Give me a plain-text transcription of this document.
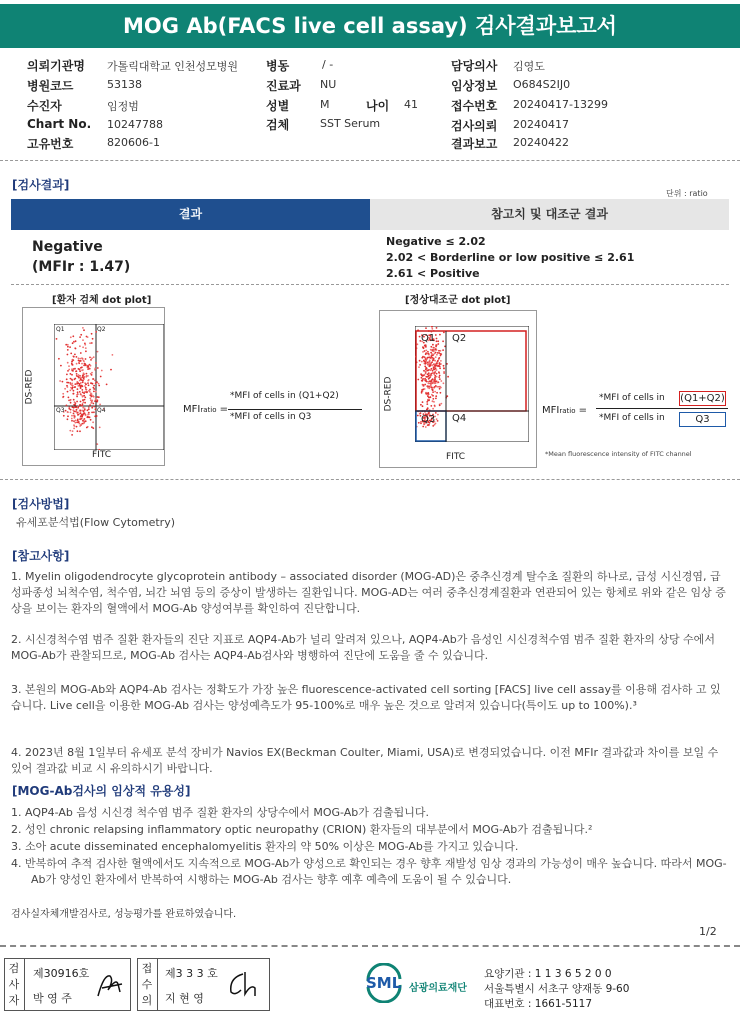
MOG Ab(FACS live cell assay) 검사결과보고서
의뢰기관명 가톨릭대학교 인천성모병원
병원코드	53138
수진자	임정범
Chart No. 10247788
고유번호	820606-1
병동	/ -
진료과 NU
성별	M	나이 41
검체	SST Serum
담당의사 김영도
임상정보 O684S2IJ0
접수번호 20240417-13299
검사의뢰 20240417
결과보고 20240422
[검사결과]
단위 : ratio
결과	참고치 및 대조군 결과
Negative
(MFIr : 1.47)
Negative ≤ 2.02
2.02 < Borderline or low positive ≤ 2.61
2.61 < Positive
[환자 검체 dot plot]
Q1	Q2
Q3	Q4
DS-RED
FITC
MFIratio =
*MFI of cells in (Q1+Q2)
*MFI of cells in Q3
[정상대조군 dot plot]
Q1 Q2
Q3 Q4
DS-RED
FITC
MFIratio =
*MFI of cells in (Q1+Q2)
*MFI of cells in	Q3
*Mean fluorescence intensity of FITC channel
[검사방법]
유세포분석법(Flow Cytometry)
[참고사항]
1. Myelin oligodendrocyte glycoprotein antibody – associated disorder (MOG-AD)은 중추신경계 탈수초 질환의 하나로, 급성 시신경염, 급성파종성 뇌척수염, 척수염, 뇌간 뇌염 등의 증상이 발생하는 질환입니다. MOG-AD는 여러 중추신경계질환과 연관되어 있는 항체로 위와 같은 임상 증상을 보이는 환자의 혈액에서 MOG-Ab 양성여부를 확인하여 진단합니다.
2. 시신경척수염 범주 질환 환자들의 진단 지표로 AQP4-Ab가 널리 알려져 있으나, AQP4-Ab가 음성인 시신경척수염 범주 질환 환자의 상당 수에서 MOG-Ab가 관찰되므로, MOG-Ab 검사는 AQP4-Ab검사와 병행하여 진단에 도움을 줄 수 있습니다.
3. 본원의 MOG-Ab와 AQP4-Ab 검사는 정확도가 가장 높은 fluorescence-activated cell sorting [FACS] live cell assay를 이용해 검사하 고 있습니다. Live cell을 이용한 MOG-Ab 검사는 양성예측도가 95-100%로 매우 높은 것으로 알려져 있습니다(특이도 up to 100%).³
4. 2023년 8월 1일부터 유세포 분석 장비가 Navios EX(Beckman Coulter, Miami, USA)로 변경되었습니다. 이전 MFIr 결과값과 차이를 보일 수 있어 결과값 비교 시 유의하시기 바랍니다.
[MOG-Ab검사의 임상적 유용성]
1. AQP4-Ab 음성 시신경 척수염 범주 질환 환자의 상당수에서 MOG-Ab가 검출됩니다.
2. 성인 chronic relapsing inflammatory optic neuropathy (CRION) 환자들의 대부분에서 MOG-Ab가 검출됩니다.²
3. 소아 acute disseminated encephalomyelitis 환자의 약 50% 이상은 MOG-Ab를 가지고 있습니다.
4. 반복하여 추적 검사한 혈액에서도 지속적으로 MOG-Ab가 양성으로 확인되는 경우 향후 재발성 임상 경과의 가능성이 매우 높습니다. 따라서 MOG-Ab가 양성인 환자에서 반복하여 시행하는 MOG-Ab 검사는 향후 예후 예측에 도움이 될 수 있습니다.
검사실자체개발검사로, 성능평가를 완료하였습니다.
1/2
검사자
제30916호
박 영 주
접수의
제3 3 3 호
지 현 영
SML 삼광의료재단
요양기관 : 1 1 3 6 5 2 0 0
서울특별시 서초구 양재동 9-60
대표번호 : 1661-5117
